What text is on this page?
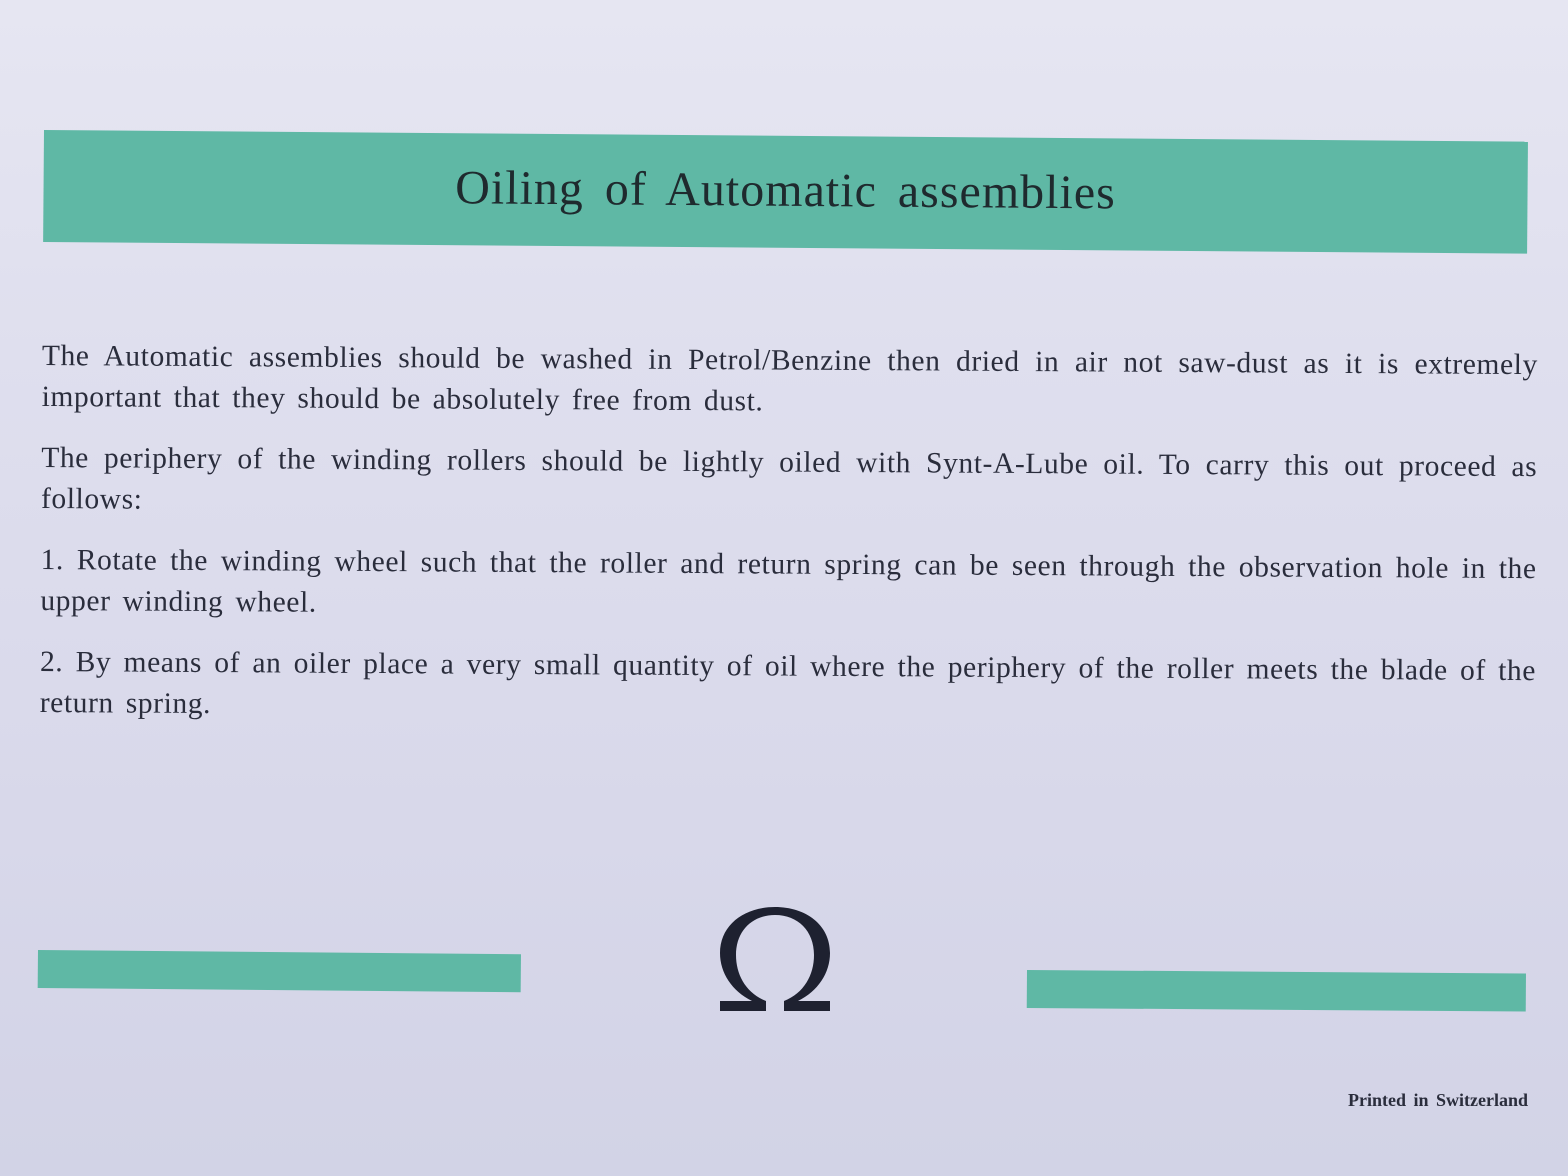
Oiling of Automatic assemblies

The Automatic assemblies should be washed in Petrol/Benzine then dried in air not saw-dust as it is extremely important that they should be absolutely free from dust.

The periphery of the winding rollers should be lightly oiled with Synt-A-Lube oil. To carry this out proceed as follows:

1. Rotate the winding wheel such that the roller and return spring can be seen through the observation hole in the upper winding wheel.

2. By means of an oiler place a very small quantity of oil where the periphery of the roller meets the blade of the return spring.

Printed in Switzerland
